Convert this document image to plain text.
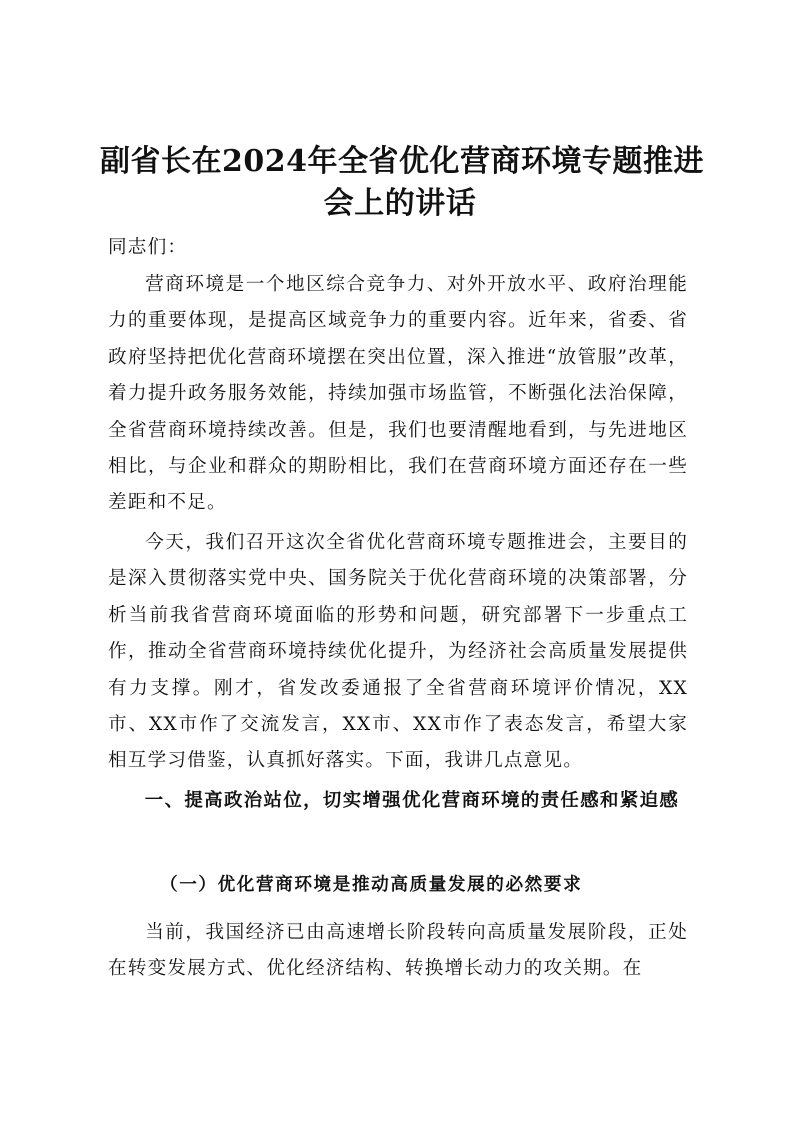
副省长在2024年全省优化营商环境专题推进
会上的讲话
同志们：
营商环境是一个地区综合竞争力、对外开放水平、政府治理能力的重要体现，是提高区域竞争力的重要内容。近年来，省委、省政府坚持把优化营商环境摆在突出位置，深入推进“放管服”改革，着力提升政务服务效能，持续加强市场监管，不断强化法治保障，全省营商环境持续改善。但是，我们也要清醒地看到，与先进地区相比，与企业和群众的期盼相比，我们在营商环境方面还存在一些差距和不足。
今天，我们召开这次全省优化营商环境专题推进会，主要目的是深入贯彻落实党中央、国务院关于优化营商环境的决策部署，分析当前我省营商环境面临的形势和问题，研究部署下一步重点工作，推动全省营商环境持续优化提升，为经济社会高质量发展提供有力支撑。刚才，省发改委通报了全省营商环境评价情况，XX市、XX市作了交流发言，XX市、XX市作了表态发言，希望大家相互学习借鉴，认真抓好落实。下面，我讲几点意见。
一、提高政治站位，切实增强优化营商环境的责任感和紧迫感
（一）优化营商环境是推动高质量发展的必然要求
当前，我国经济已由高速增长阶段转向高质量发展阶段，正处在转变发展方式、优化经济结构、转换增长动力的攻关期。在
